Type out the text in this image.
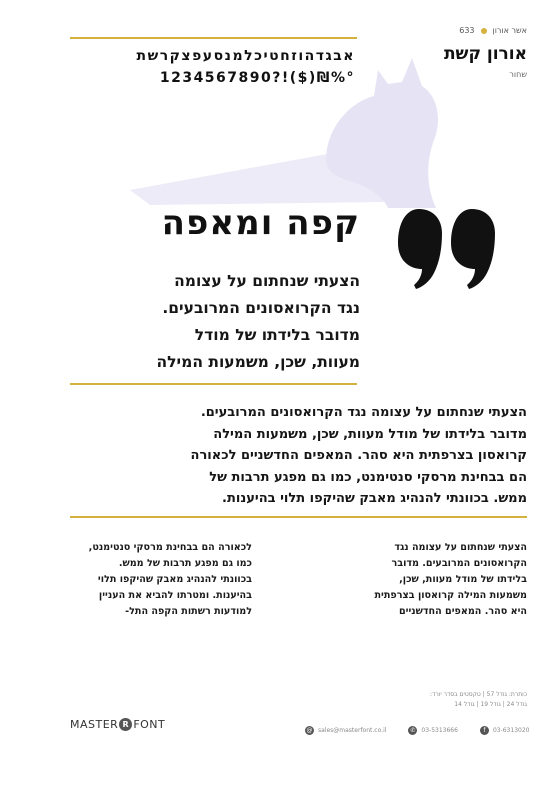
אשר אורון
633
אורון קשת
שחור
אבגדהוזחטיכלמנסעפצקרשת
1234567890?!($)₪%°
קפה ומאפה
הצעתי שנחתום על עצומה
נגד הקרואסונים המרובעים.
מדובר בלידתו של מודל
מעוות, שכן, משמעות המילה
הצעתי שנחתום על עצומה נגד הקרואסונים המרובעים.
מדובר בלידתו של מודל מעוות, שכן, משמעות המילה
קרואסון בצרפתית היא סהר. המאפים החדשניים לכאורה
הם בבחינת מרסקי סנטימנט, כמו גם מפגע תרבות של
ממש. בכוונתי להנהיג מאבק שהיקפו תלוי בהיענות.
הצעתי שנחתום על עצומה נגד
הקרואסונים המרובעים. מדובר
בלידתו של מודל מעוות, שכן,
משמעות המילה קרואסון בצרפתית
היא סהר. המאפים החדשניים
לכאורה הם בבחינת מרסקי סנטימנט,
כמו גם מפגע תרבות של ממש.
בכוונתי להנהיג מאבק שהיקפו תלוי
בהיענות. ומטרתו להביא את העניין
למודעות רשתות הקפה התל-
כותרת: גודל 57 | טקסטים בסדר יורד:
גודל 24 | גודל 19 | גודל 14
MASTER R FONT	@ sales@masterfont.co.il	✆ 03-5313666	f	03-6313020
